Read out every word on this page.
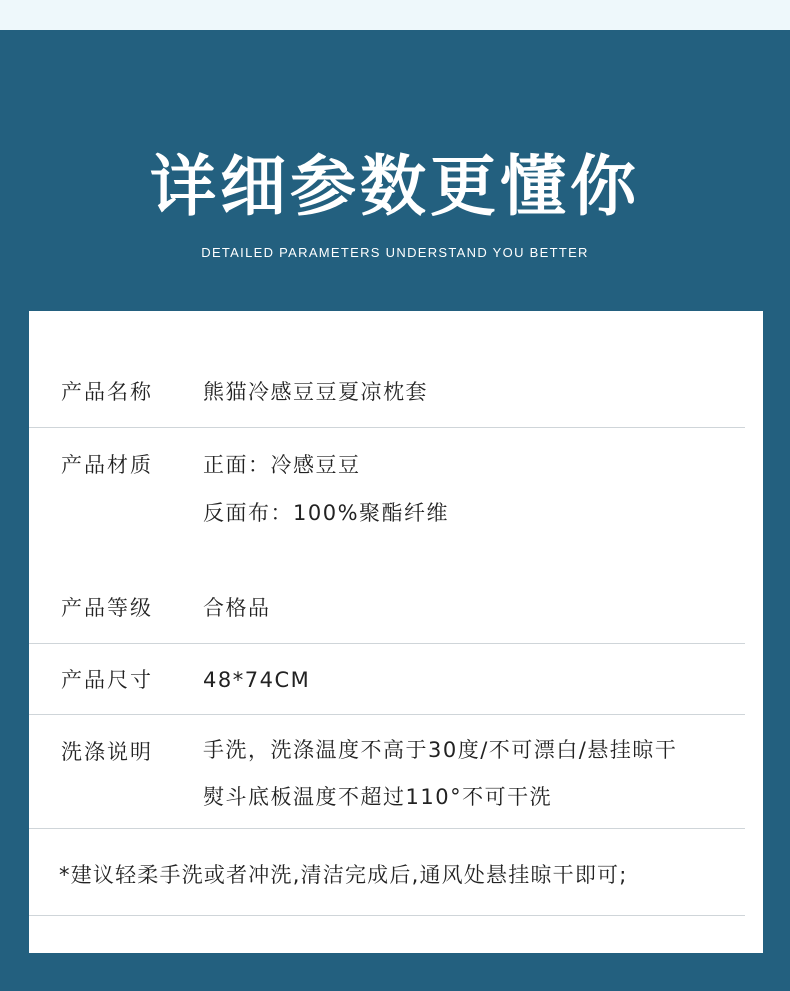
详细参数更懂你
DETAILED PARAMETERS UNDERSTAND YOU BETTER
产品名称 熊猫冷感豆豆夏凉枕套
产品材质 正面：冷感豆豆
反面布：100%聚酯纤维
产品等级 合格品
产品尺寸 48*74CM
洗涤说明 手洗，洗涤温度不高于30度/不可漂白/悬挂晾干
熨斗底板温度不超过110°不可干洗
*建议轻柔手洗或者冲洗,清洁完成后,通风处悬挂晾干即可;
